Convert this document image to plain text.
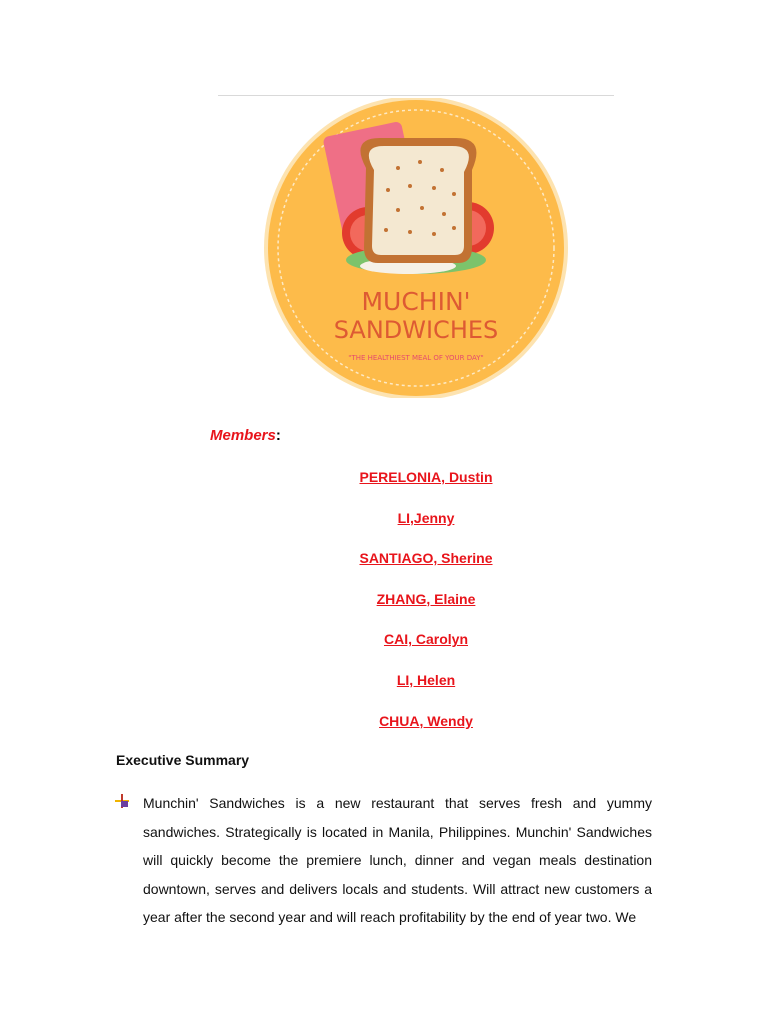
MUCHIN'
SANDWICHES
"THE HEALTHIEST MEAL OF YOUR DAY"
Members:
PERELONIA, Dustin
LI,Jenny
SANTIAGO, Sherine
ZHANG, Elaine
CAI, Carolyn
LI, Helen
CHUA, Wendy
Executive Summary

Munchin' Sandwiches is a new restaurant that serves fresh and yummy sandwiches. Strategically is located in Manila, Philippines. Munchin' Sandwiches will quickly become the premiere lunch, dinner and vegan meals destination downtown, serves and delivers locals and students. Will attract new customers a year after the second year and will reach profitability by the end of year two. We
